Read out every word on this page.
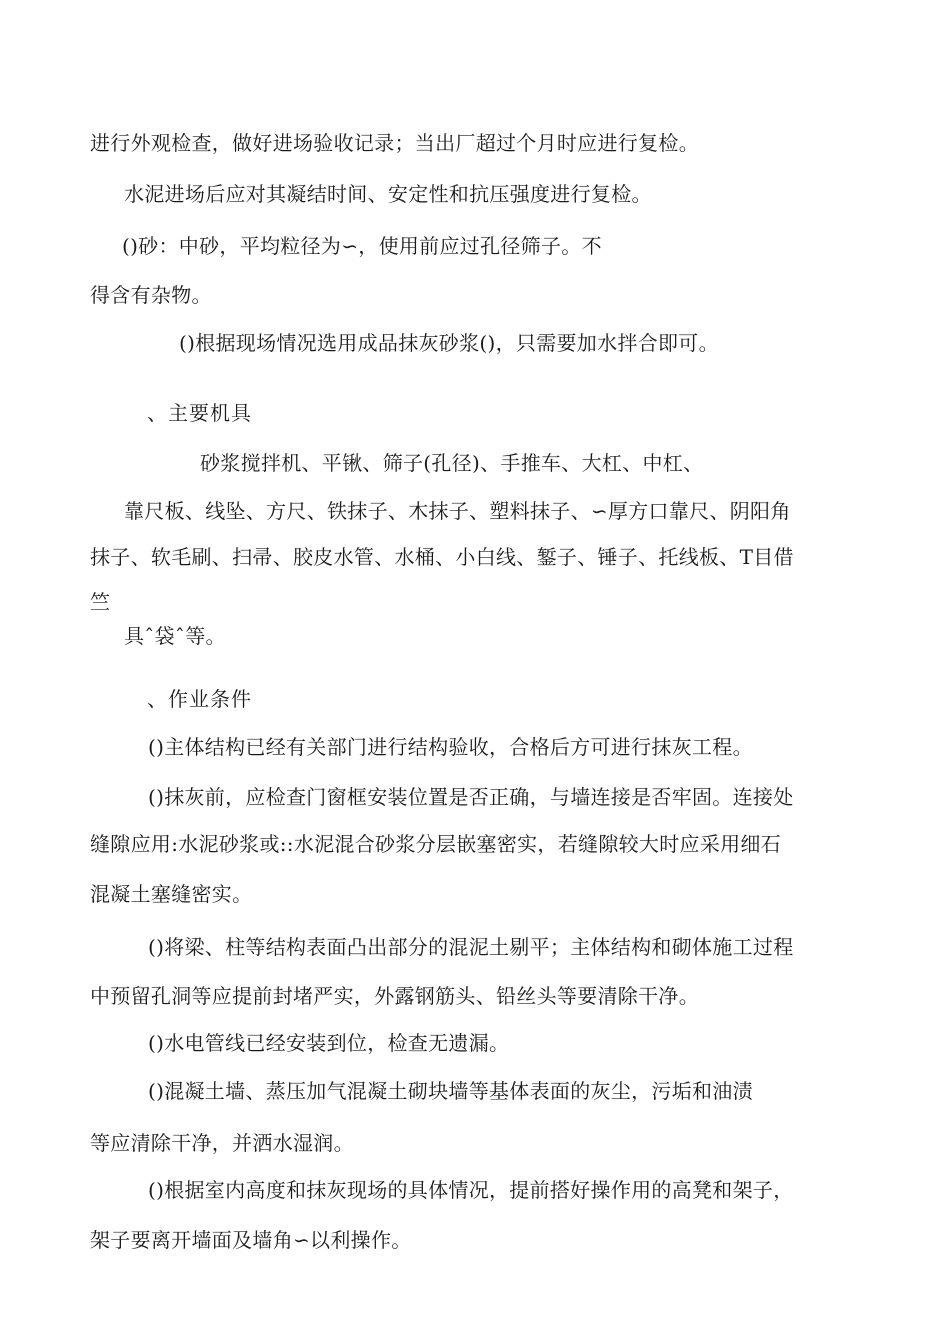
进行外观检查，做好进场验收记录；当出厂超过个月时应进行复检。
水泥进场后应对其凝结时间、安定性和抗压强度进行复检。
()砂：中砂，平均粒径为∽，使用前应过孔径筛子。不
得含有杂物。
()根据现场情况选用成品抹灰砂浆()，只需要加水拌合即可。
、主要机具
砂浆搅拌机、平锹、筛子(孔径)、手推车、大杠、中杠、
靠尺板、线坠、方尺、铁抹子、木抹子、塑料抹子、∽厚方口靠尺、阴阳角
抹子、软毛刷、扫帚、胶皮水管、水桶、小白线、錾子、锤子、托线板、T目借
竺
具ˆ袋ˆ等。
、作业条件
()主体结构已经有关部门进行结构验收，合格后方可进行抹灰工程。
()抹灰前，应检查门窗框安装位置是否正确，与墙连接是否牢固。连接处
缝隙应用:水泥砂浆或::水泥混合砂浆分层嵌塞密实，若缝隙较大时应采用细石
混凝土塞缝密实。
()将梁、柱等结构表面凸出部分的混泥土剔平；主体结构和砌体施工过程
中预留孔洞等应提前封堵严实，外露钢筋头、铅丝头等要清除干净。
()水电管线已经安装到位，检查无遗漏。
()混凝土墙、蒸压加气混凝土砌块墙等基体表面的灰尘，污垢和油渍
等应清除干净，并洒水湿润。
()根据室内高度和抹灰现场的具体情况，提前搭好操作用的高凳和架子，
架子要离开墙面及墙角∽以利操作。
